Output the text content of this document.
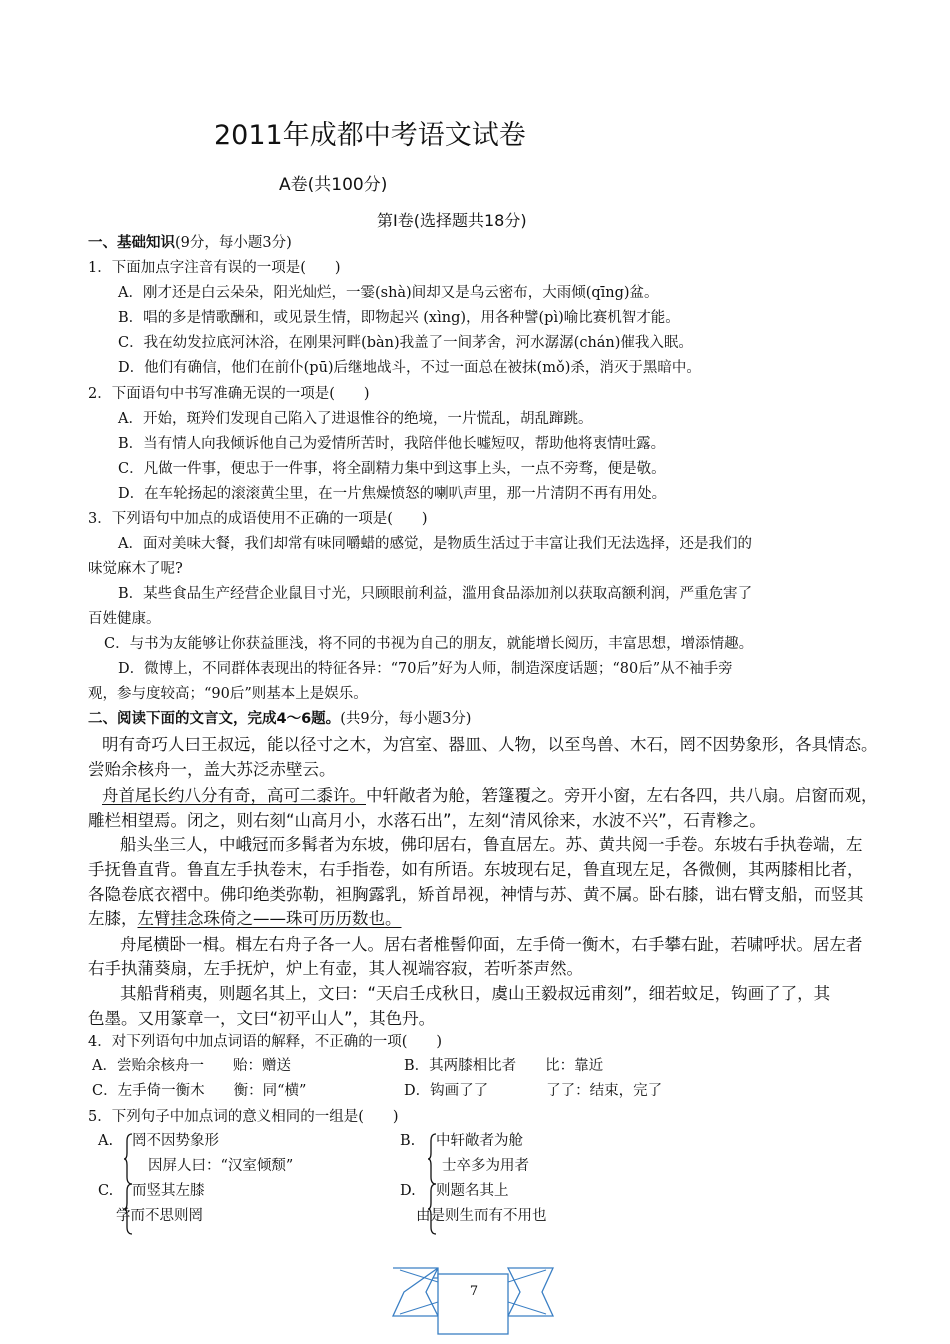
2011年成都中考语文试卷
A卷(共100分)
第Ⅰ卷(选择题共18分)
一、基础知识(9分，每小题3分)
1．下面加点字注音有误的一项是(　　)
A．刚才还是白云朵朵，阳光灿烂，一霎(shà)间却又是乌云密布，大雨倾(qīng)盆。
B．唱的多是情歌酬和，或见景生情，即物起兴 (xìng)，用各种譬(pì)喻比赛机智才能。
C．我在幼发拉底河沐浴，在刚果河畔(bàn)我盖了一间茅舍，河水潺潺(chán)催我入眠。
D．他们有确信，他们在前仆(pū)后继地战斗，不过一面总在被抹(mǒ)杀，消灭于黑暗中。
2．下面语句中书写准确无误的一项是(　　)
A．开始，斑羚们发现自己陷入了进退惟谷的绝境，一片慌乱，胡乱蹿跳。
B．当有情人向我倾诉他自己为爱情所苦时，我陪伴他长嘘短叹，帮助他将衷情吐露。
C．凡做一件事，便忠于一件事，将全副精力集中到这事上头，一点不旁骛，便是敬。
D．在车轮扬起的滚滚黄尘里，在一片焦燥愤怒的喇叭声里，那一片清阴不再有用处。
3．下列语句中加点的成语使用不正确的一项是(　　)
A．面对美味大餐，我们却常有味同嚼蜡的感觉，是物质生活过于丰富让我们无法选择，还是我们的
味觉麻木了呢?
B．某些食品生产经营企业鼠目寸光，只顾眼前利益，滥用食品添加剂以获取高额利润，严重危害了
百姓健康。
C．与书为友能够让你获益匪浅，将不同的书视为自己的朋友，就能增长阅历，丰富思想，增添情趣。
D．微博上，不同群体表现出的特征各异：“70后”好为人师，制造深度话题；“80后”从不袖手旁
观，参与度较高；“90后”则基本上是娱乐。
二、阅读下面的文言文，完成4～6题。(共9分，每小题3分)
明有奇巧人曰王叔远，能以径寸之木，为宫室、器皿、人物，以至鸟兽、木石，罔不因势象形，各具情态。
尝贻余核舟一，盖大苏泛赤壁云。
舟首尾长约八分有奇，高可二黍许。中轩敞者为舱，箬篷覆之。旁开小窗，左右各四，共八扇。启窗而观，
雕栏相望焉。闭之，则右刻“山高月小，水落石出”，左刻“清风徐来，水波不兴”，石青糁之。
船头坐三人，中峨冠而多髯者为东坡，佛印居右，鲁直居左。苏、黄共阅一手卷。东坡右手执卷端，左
手抚鲁直背。鲁直左手执卷末，右手指卷，如有所语。东坡现右足，鲁直现左足，各微侧，其两膝相比者，
各隐卷底衣褶中。佛印绝类弥勒，袒胸露乳，矫首昂视，神情与苏、黄不属。卧右膝，诎右臂支船，而竖其
左膝，左臂挂念珠倚之——珠可历历数也。
舟尾横卧一楫。楫左右舟子各一人。居右者椎髻仰面，左手倚一衡木，右手攀右趾，若啸呼状。居左者
右手执蒲葵扇，左手抚炉，炉上有壶，其人视端容寂，若听茶声然。
其船背稍夷，则题名其上，文曰：“天启壬戌秋日，虞山王毅叔远甫刻”，细若蚊足，钩画了了，其
色墨。又用篆章一，文曰“初平山人”，其色丹。
4．对下列语句中加点词语的解释，不正确的一项(　　)
A．尝贻余核舟一　　贻：赠送	B．其两膝相比者　　比：靠近
C．左手倚一衡木　　衡：同“横”	D．钩画了了　　　　了了：结束，完了
5．下列句子中加点词的意义相同的一组是(　　)
A. 罔不因势象形
因屏人曰：“汉室倾颓”
B. 中轩敞者为舱
士卒多为用者
C. 而竖其左膝
学而不思则罔
D. 则题名其上
由是则生而有不用也
7
